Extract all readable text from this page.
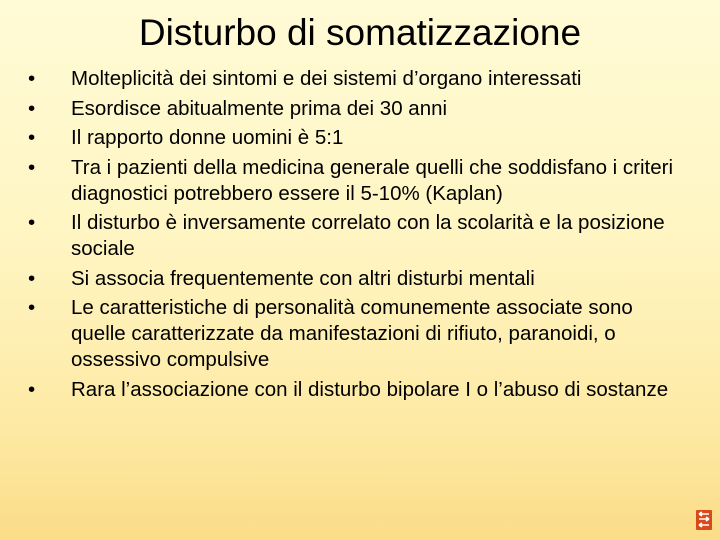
Disturbo di somatizzazione
•	Molteplicità dei sintomi e dei sistemi d’organo interessati
•	Esordisce abitualmente prima dei 30 anni
•	Il rapporto donne uomini è 5:1
•	Tra i pazienti della medicina generale quelli che soddisfano i criteri diagnostici potrebbero essere il 5-10% (Kaplan)
•	Il disturbo è inversamente correlato con la scolarità e la posizione sociale
•	Si associa frequentemente con altri disturbi mentali
•	Le caratteristiche di personalità comunemente associate sono quelle caratterizzate da manifestazioni di rifiuto, paranoidi, o ossessivo compulsive
•	Rara l’associazione con il disturbo bipolare I o l’abuso di sostanze
